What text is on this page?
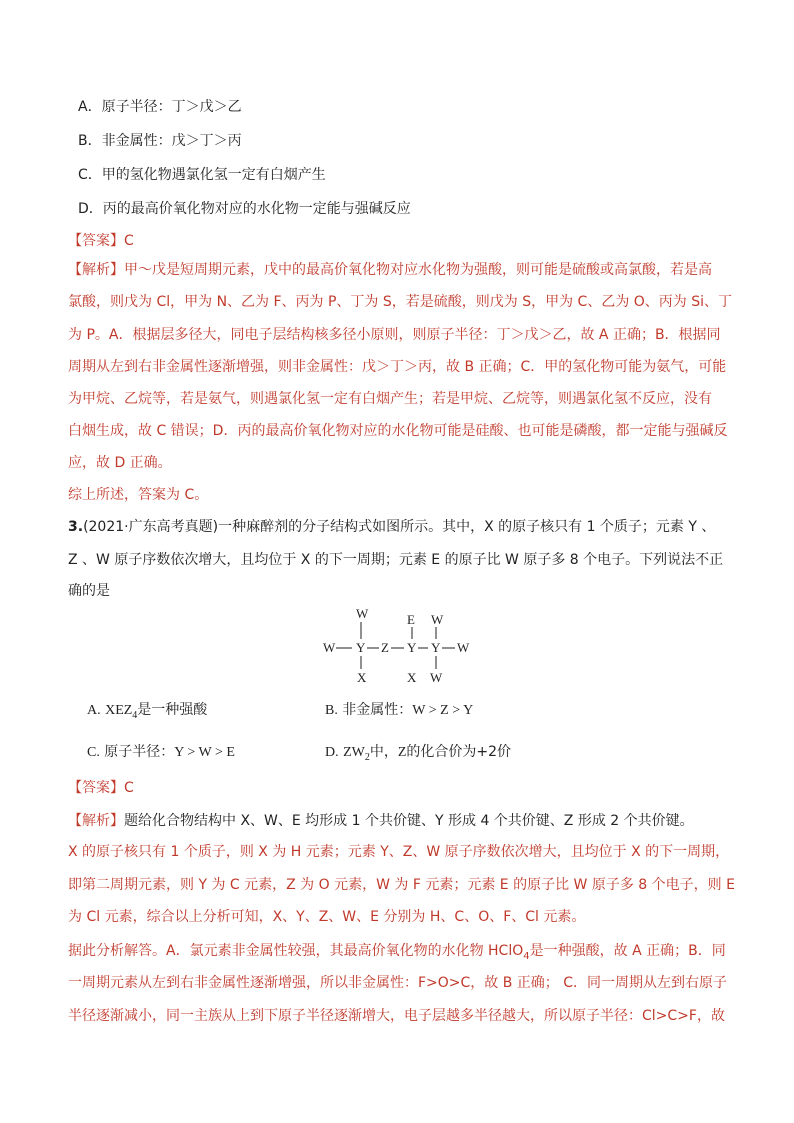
A．原子半径：丁＞戊＞乙
B．非金属性：戊＞丁＞丙
C．甲的氢化物遇氯化氢一定有白烟产生
D．丙的最高价氧化物对应的水化物一定能与强碱反应
【答案】C
【解析】甲～戊是短周期元素，戊中的最高价氧化物对应水化物为强酸，则可能是硫酸或高氯酸，若是高
氯酸，则戊为 Cl，甲为 N、乙为 F、丙为 P、丁为 S，若是硫酸，则戊为 S，甲为 C、乙为 O、丙为 Si、丁
为 P。A．根据层多径大，同电子层结构核多径小原则，则原子半径：丁＞戊＞乙，故 A 正确；B．根据同
周期从左到右非金属性逐渐增强，则非金属性：戊＞丁＞丙，故 B 正确；C．甲的氢化物可能为氨气，可能
为甲烷、乙烷等，若是氨气，则遇氯化氢一定有白烟产生；若是甲烷、乙烷等，则遇氯化氢不反应，没有
白烟生成，故 C 错误；D．丙的最高价氧化物对应的水化物可能是硅酸、也可能是磷酸，都一定能与强碱反
应，故 D 正确。
综上所述，答案为 C。
3.(2021·广东高考真题)一种麻醉剂的分子结构式如图所示。其中，X 的原子核只有 1 个质子；元素 Y 、
Z 、W 原子序数依次增大，且均位于 X 的下一周期；元素 E 的原子比 W 原子多 8 个电子。下列说法不正
确的是
W	E W
W Y Z Y Y W
X	X W
A. $XEZ_4$是一种强酸	B. 非金属性：W > Z > Y
C. 原子半径：Y > W > E	D. $ZW_2$中，Z的化合价为+2价
【答案】C
【解析】题给化合物结构中 X、W、E 均形成 1 个共价键、Y 形成 4 个共价键、Z 形成 2 个共价键。
X 的原子核只有 1 个质子，则 X 为 H 元素；元素 Y、Z、W 原子序数依次增大，且均位于 X 的下一周期，
即第二周期元素，则 Y 为 C 元素，Z 为 O 元素，W 为 F 元素；元素 E 的原子比 W 原子多 8 个电子，则 E
为 Cl 元素，综合以上分析可知，X、Y、Z、W、E 分别为 H、C、O、F、Cl 元素。
据此分析解答。A．氯元素非金属性较强，其最高价氧化物的水化物 HClO$_4$是一种强酸，故 A 正确；B．同
一周期元素从左到右非金属性逐渐增强，所以非金属性：F>O>C，故 B 正确； C．同一周期从左到右原子
半径逐渐减小，同一主族从上到下原子半径逐渐增大，电子层越多半径越大，所以原子半径：Cl>C>F，故
